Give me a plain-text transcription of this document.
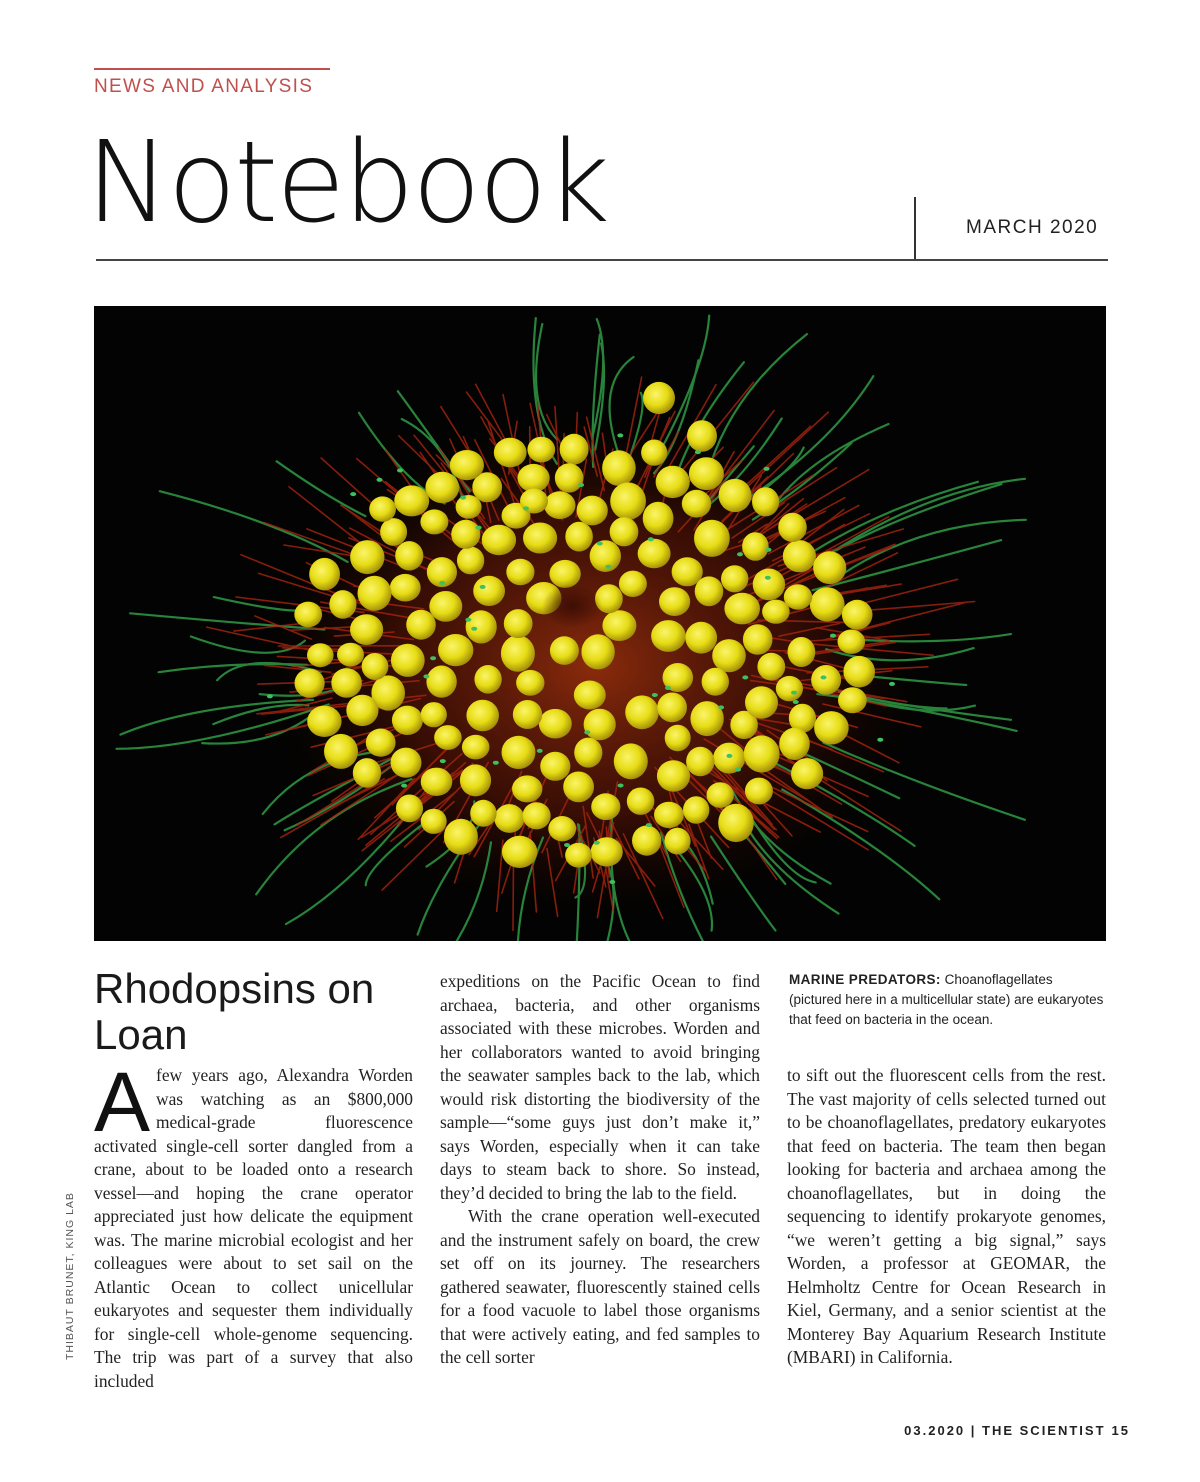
NEWS AND ANALYSIS
Notebook	MARCH 2020
Rhodopsins on Loan
A few years ago, Alexandra Worden was watching as an $800,000 medical-grade fluorescence activated single-cell sorter dangled from a crane, about to be loaded onto a research vessel—and hoping the crane operator appreciated just how delicate the equipment was. The marine microbial ecologist and her colleagues were about to set sail on the Atlantic Ocean to collect unicellular eukaryotes and sequester them individually for single-cell whole-genome sequencing. The trip was part of a survey that also included

expeditions on the Pacific Ocean to find archaea, bacteria, and other organisms associated with these microbes. Worden and her collaborators wanted to avoid bringing the seawater samples back to the lab, which would risk distorting the biodiversity of the sample—“some guys just don’t make it,” says Worden, especially when it can take days to steam back to shore. So instead, they’d decided to bring the lab to the field.

With the crane operation well-executed and the instrument safely on board, the crew set off on its journey. The researchers gathered seawater, fluorescently stained cells for a food vacuole to label those organisms that were actively eating, and fed samples to the cell sorter

MARINE PREDATORS: Choanoflagellates (pictured here in a multicellular state) are eukaryotes that feed on bacteria in the ocean.

to sift out the fluorescent cells from the rest. The vast majority of cells selected turned out to be choanoflagellates, predatory eukaryotes that feed on bacteria. The team then began looking for bacteria and archaea among the choanoflagellates, but in doing the sequencing to identify prokaryote genomes, “we weren’t getting a big signal,” says Worden, a professor at GEOMAR, the Helmholtz Centre for Ocean Research in Kiel, Germany, and a senior scientist at the Monterey Bay Aquarium Research Institute (MBARI) in California.

THIBAUT BRUNET, KING LAB
03.2020 | THE SCIENTIST 15
